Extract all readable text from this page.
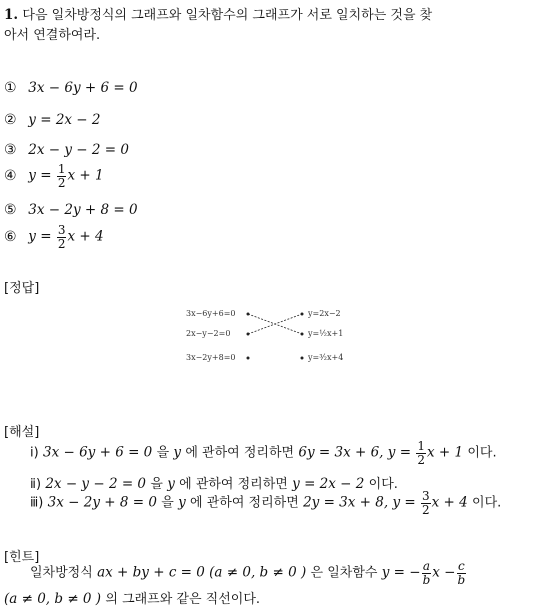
1. 다음 일차방정식의 그래프와 일차함수의 그래프가 서로 일치하는 것을 찾
아서 연결하여라.
① 3x − 6y + 6 = 0
② y = 2x − 2
③ 2x − y − 2 = 0
④ $y = \frac{1}{2}$ x + 1
⑤ 3x − 2y + 8 = 0
⑥ $y = \frac{3}{2}$ x + 4
[정답]
3x−6y+6=0
2x−y−2=0
3x−2y+8=0
y=2x−2
y=½x+1
y=³⁄₂x+4
[해설]
ⅰ) 3x − 6y + 6 = 0 을 y 에 관하여 정리하면 6y = 3x + 6, $y = \frac{1}{2}$ x + 1 이다.
ⅱ) 2x − y − 2 = 0 을 y 에 관하여 정리하면 y = 2x − 2 이다.
ⅲ) 3x − 2y + 8 = 0 을 y 에 관하여 정리하면 2y = 3x + 8, $y = \frac{3}{2}$ x + 4 이다.
[힌트]
일차방정식 ax + by + c = 0 (a ≠ 0, b ≠ 0 ) 은 일차함수 y = − $\frac{a}{b}$ $x - \frac{c}{b}$
(a ≠ 0, b ≠ 0 ) 의 그래프와 같은 직선이다.
